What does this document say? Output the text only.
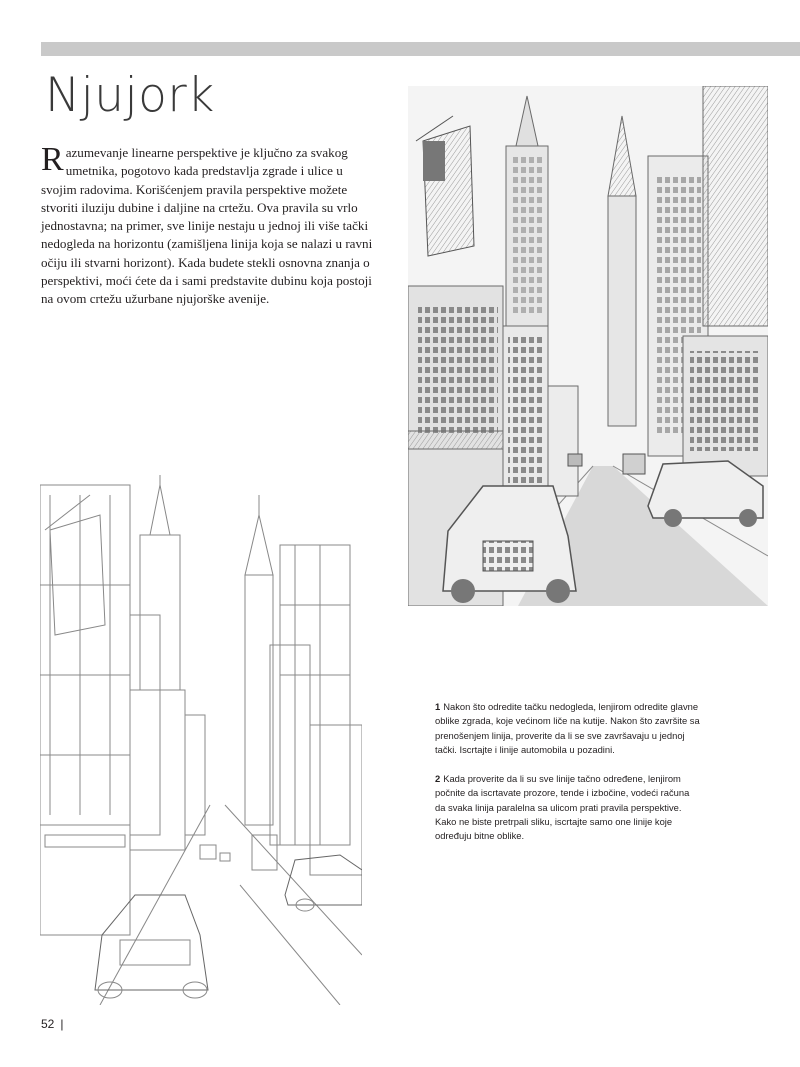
Njujork

Razumevanje linearne perspektive je ključno za svakog umetnika, pogotovo kada predstavlja zgrade i ulice u svojim radovima. Korišćenjem pravila perspektive možete stvoriti iluziju dubine i daljine na crtežu. Ova pravila su vrlo jednostavna; na primer, sve linije nestaju u jednoj ili više tački nedogleda na horizontu (zamišljena linija koja se nalazi u ravni očiju ili stvarni horizont). Kada budete stekli osnovna znanja o perspektivi, moći ćete da i sami predstavite dubinu koja postoji na ovom crtežu užurbane njujorške avenije.

1 Nakon što odredite tačku nedogleda, lenjirom odredite glavne oblike zgrada, koje većinom liče na kutije. Nakon što završite sa prenošenjem linija, proverite da li se sve završavaju u jednoj tački. Iscrtajte i linije automobila u pozadini.

2 Kada proverite da li su sve linije tačno određene, lenjirom počnite da iscrtavate prozore, tende i izbočine, vodeći računa da svaka linija paralelna sa ulicom prati pravila perspektive. Kako ne biste pretrpali sliku, iscrtajte samo one linije koje određuju bitne oblike.

52 |
